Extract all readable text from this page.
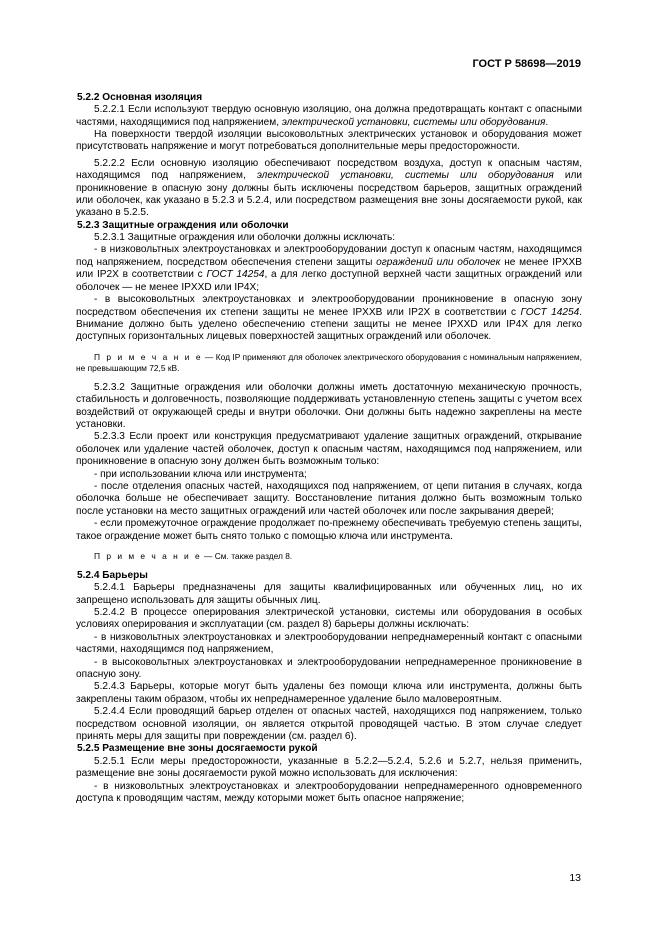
ГОСТ Р 58698—2019
5.2.2 Основная изоляция

5.2.2.1 Если используют твердую основную изоляцию, она должна предотвращать контакт с опасными частями, находящимися под напряжением, электрической установки, системы или оборудования.

На поверхности твердой изоляции высоковольтных электрических установок и оборудования может присутствовать напряжение и могут потребоваться дополнительные меры предосторожности.

5.2.2.2 Если основную изоляцию обеспечивают посредством воздуха, доступ к опасным частям, находящимся под напряжением, электрической установки, системы или оборудования или проникновение в опасную зону должны быть исключены посредством барьеров, защитных ограждений или оболочек, как указано в 5.2.3 и 5.2.4, или посредством размещения вне зоны досягаемости рукой, как указано в 5.2.5.

5.2.3 Защитные ограждения или оболочки

5.2.3.1 Защитные ограждения или оболочки должны исключать:

- в низковольтных электроустановках и электрооборудовании доступ к опасным частям, находящимся под напряжением, посредством обеспечения степени защиты ограждений или оболочек не менее IPXXB или IP2X в соответствии с ГОСТ 14254, а для легко доступной верхней части защитных ограждений или оболочек — не менее IPXXD или IP4X;

- в высоковольтных электроустановках и электрооборудовании проникновение в опасную зону посредством обеспечения их степени защиты не менее IPXXB или IP2X в соответствии с ГОСТ 14254. Внимание должно быть уделено обеспечению степени защиты не менее IPXXD или IP4X для легко доступных горизонтальных лицевых поверхностей защитных ограждений или оболочек.

П р и м е ч а н и е — Код IP применяют для оболочек электрического оборудования с номинальным напряжением, не превышающим 72,5 кВ.

5.2.3.2 Защитные ограждения или оболочки должны иметь достаточную механическую прочность, стабильность и долговечность, позволяющие поддерживать установленную степень защиты с учетом всех воздействий от окружающей среды и внутри оболочки. Они должны быть надежно закреплены на месте установки.

5.2.3.3 Если проект или конструкция предусматривают удаление защитных ограждений, открывание оболочек или удаление частей оболочек, доступ к опасным частям, находящимся под напряжением, или проникновение в опасную зону должен быть возможным только:

- при использовании ключа или инструмента;

- после отделения опасных частей, находящихся под напряжением, от цепи питания в случаях, когда оболочка больше не обеспечивает защиту. Восстановление питания должно быть возможным только после установки на место защитных ограждений или частей оболочек или после закрывания дверей;

- если промежуточное ограждение продолжает по-прежнему обеспечивать требуемую степень защиты, такое ограждение может быть снято только с помощью ключа или инструмента.

П р и м е ч а н и е — См. также раздел 8.

5.2.4 Барьеры

5.2.4.1 Барьеры предназначены для защиты квалифицированных или обученных лиц, но их запрещено использовать для защиты обычных лиц.

5.2.4.2 В процессе оперирования электрической установки, системы или оборудования в особых условиях оперирования и эксплуатации (см. раздел 8) барьеры должны исключать:

- в низковольтных электроустановках и электрооборудовании непреднамеренный контакт с опасными частями, находящимся под напряжением,

- в высоковольтных электроустановках и электрооборудовании непреднамеренное проникновение в опасную зону.

5.2.4.3 Барьеры, которые могут быть удалены без помощи ключа или инструмента, должны быть закреплены таким образом, чтобы их непреднамеренное удаление было маловероятным.

5.2.4.4 Если проводящий барьер отделен от опасных частей, находящихся под напряжением, только посредством основной изоляции, он является открытой проводящей частью. В этом случае следует принять меры для защиты при повреждении (см. раздел 6).

5.2.5 Размещение вне зоны досягаемости рукой

5.2.5.1 Если меры предосторожности, указанные в 5.2.2—5.2.4, 5.2.6 и 5.2.7, нельзя применить, размещение вне зоны досягаемости рукой можно использовать для исключения:

- в низковольтных электроустановках и электрооборудовании непреднамеренного одновременного доступа к проводящим частям, между которыми может быть опасное напряжение;

13
